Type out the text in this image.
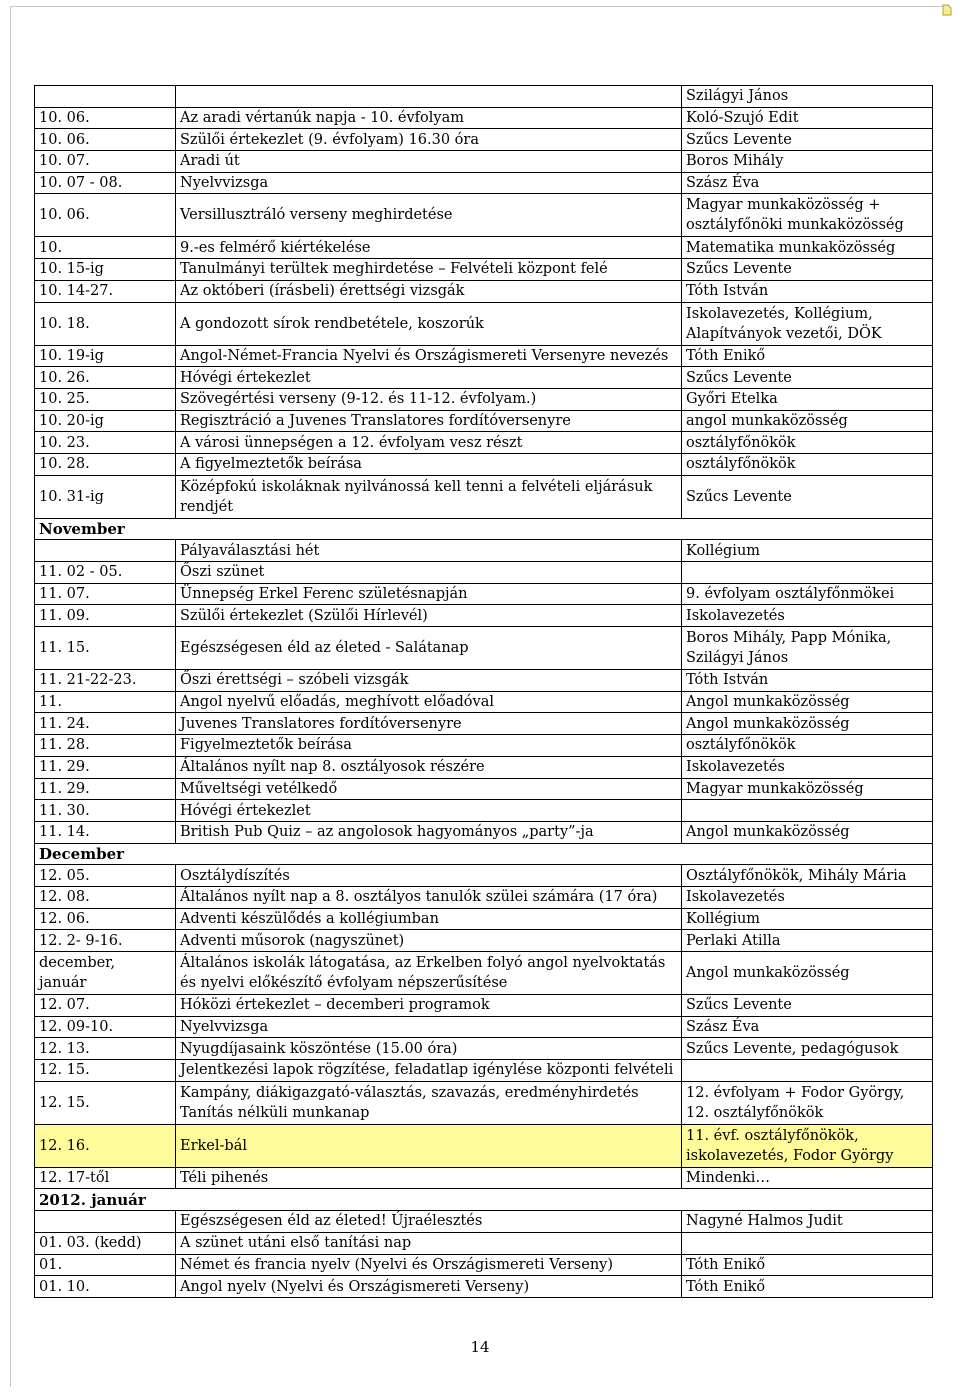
		Szilágyi János
10. 06.	Az aradi vértanúk napja - 10. évfolyam	Koló-Szujó Edit
10. 06.	Szülői értekezlet (9. évfolyam) 16.30 óra	Szűcs Levente
10. 07.	Aradi út	Boros Mihály
10. 07 - 08.	Nyelvvizsga	Szász Éva
10. 06.	Versillusztráló verseny meghirdetése	Magyar munkaközösség +
osztályfőnöki munkaközösség
10.	9.-es felmérő kiértékelése	Matematika munkaközösség
10. 15-ig	Tanulmányi terültek meghirdetése – Felvételi központ felé	Szűcs Levente
10. 14-27.	Az októberi (írásbeli) érettségi vizsgák	Tóth István
10. 18.	A gondozott sírok rendbetétele, koszorúk	Iskolavezetés, Kollégium,
Alapítványok vezetői, DÖK
10. 19-ig	Angol-Német-Francia Nyelvi és Országismereti Versenyre nevezés	Tóth Enikő
10. 26.	Hóvégi értekezlet	Szűcs Levente
10. 25.	Szövegértési verseny (9-12. és 11-12. évfolyam.)	Győri Etelka
10. 20-ig	Regisztráció a Juvenes Translatores fordítóversenyre	angol munkaközösség
10. 23.	A városi ünnepségen a 12. évfolyam vesz részt	osztályfőnökök
10. 28.	A figyelmeztetők beírása	osztályfőnökök
10. 31-ig	Középfokú iskoláknak nyilvánossá kell tenni a felvételi eljárásuk
rendjét	Szűcs Levente
November		
	Pályaválasztási hét	Kollégium
11. 02 - 05.	Őszi szünet	
11. 07.	Ünnepség Erkel Ferenc születésnapján	9. évfolyam osztályfőnmökei
11. 09.	Szülői értekezlet (Szülői Hírlevél)	Iskolavezetés
11. 15.	Egészségesen éld az életed - Salátanap	Boros Mihály, Papp Mónika,
Szilágyi János
11. 21-22-23.	Őszi érettségi – szóbeli vizsgák	Tóth István
11.	Angol nyelvű előadás, meghívott előadóval	Angol munkaközösség
11. 24.	Juvenes Translatores fordítóversenyre	Angol munkaközösség
11. 28.	Figyelmeztetők beírása	osztályfőnökök
11. 29.	Általános nyílt nap 8. osztályosok részére	Iskolavezetés
11. 29.	Műveltségi vetélkedő	Magyar munkaközösség
11. 30.	Hóvégi értekezlet	
11. 14.	British Pub Quiz – az angolosok hagyományos „party”-ja	Angol munkaközösség
December		
12. 05.	Osztálydíszítés	Osztályfőnökök, Mihály Mária
12. 08.	Általános nyílt nap a 8. osztályos tanulók szülei számára (17 óra)	Iskolavezetés
12. 06.	Adventi készülődés a kollégiumban	Kollégium
12. 2- 9-16.	Adventi műsorok (nagyszünet)	Perlaki Atilla
december,
január	Általános iskolák látogatása, az Erkelben folyó angol nyelvoktatás
és nyelvi előkészítő évfolyam népszerűsítése	Angol munkaközösség
12. 07.	Hóközi értekezlet – decemberi programok	Szűcs Levente
12. 09-10.	Nyelvvizsga	Szász Éva
12. 13.	Nyugdíjasaink köszöntése (15.00 óra)	Szűcs Levente, pedagógusok
12. 15.	Jelentkezési lapok rögzítése, feladatlap igénylése központi felvételi	
12. 15.	Kampány, diákigazgató-választás, szavazás, eredményhirdetés
Tanítás nélküli munkanap	12. évfolyam + Fodor György,
12. osztályfőnökök
12. 16.	Erkel-bál	11. évf. osztályfőnökök,
iskolavezetés, Fodor György
12. 17-től	Téli pihenés	Mindenki…
2012. január		
	Egészségesen éld az életed! Újraélesztés	Nagyné Halmos Judit
01. 03. (kedd)	A szünet utáni első tanítási nap	
01.	Német és francia nyelv (Nyelvi és Országismereti Verseny)	Tóth Enikő
01. 10.	Angol nyelv (Nyelvi és Országismereti Verseny)	Tóth Enikő
14
